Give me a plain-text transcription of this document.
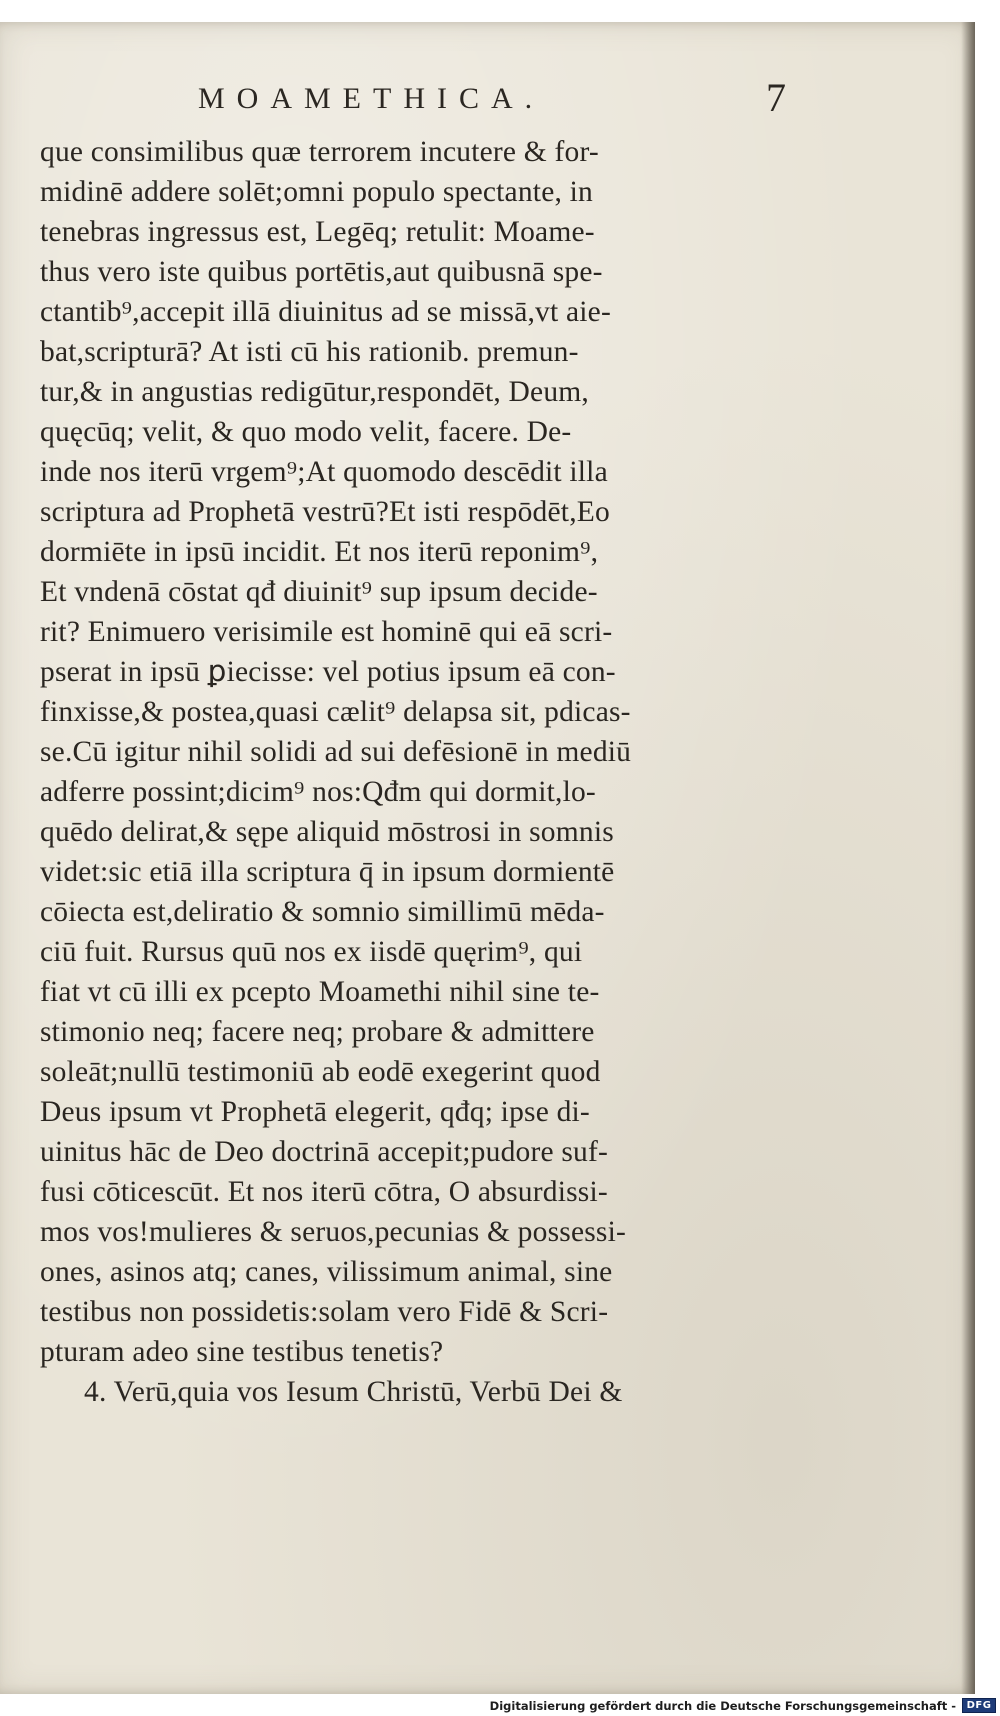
MOAMETHICA.	7
que consimilibus quæ terrorem incutere & for-
midinē addere solēt;omni populo spectante, in
tenebras ingressus est, Legēq; retulit: Moame-
thus vero iste quibus portētis,aut quibusnā spe-
ctantib⁹,accepit illā diuinitus ad se missā,vt aie-
bat,scripturā? At isti cū his rationib. premun-
tur,& in angustias redigūtur,respondēt, Deum,
quęcūq; velit, & quo modo velit, facere. De-
inde nos iterū vrgem⁹;At quomodo descēdit illa
scriptura ad Prophetā vestrū?Et isti respōdēt,Eo
dormiēte in ipsū incidit. Et nos iterū reponim⁹,
Et vndenā cōstat qđ diuinit⁹ sup ipsum decide-
rit? Enimuero verisimile est hominē qui eā scri-
pserat in ipsū ꝑiecisse: vel potius ipsum eā con-
finxisse,& postea,quasi cælit⁹ delapsa sit, pdicas-
se.Cū igitur nihil solidi ad sui defēsionē in mediū
adferre possint;dicim⁹ nos:Qđm qui dormit,lo-
quēdo delirat,& sępe aliquid mōstrosi in somnis
videt:sic etiā illa scriptura q̄ in ipsum dormientē
cōiecta est,deliratio & somnio simillimū mēda-
ciū fuit. Rursus quū nos ex iisdē quęrim⁹, qui
fiat vt cū illi ex pcepto Moamethi nihil sine te-
stimonio neq; facere neq; probare & admittere
soleāt;nullū testimoniū ab eodē exegerint quod
Deus ipsum vt Prophetā elegerit, qđq; ipse di-
uinitus hāc de Deo doctrinā accepit;pudore suf-
fusi cōticescūt. Et nos iterū cōtra, O absurdissi-
mos vos!mulieres & seruos,pecunias & possessi-
ones, asinos atq; canes, vilissimum animal, sine
testibus non possidetis:solam vero Fidē & Scri-
pturam adeo sine testibus tenetis?
4. Verū,quia vos Iesum Christū, Verbū Dei &
Digitalisierung gefördert durch die Deutsche Forschungsgemeinschaft -	DFG
